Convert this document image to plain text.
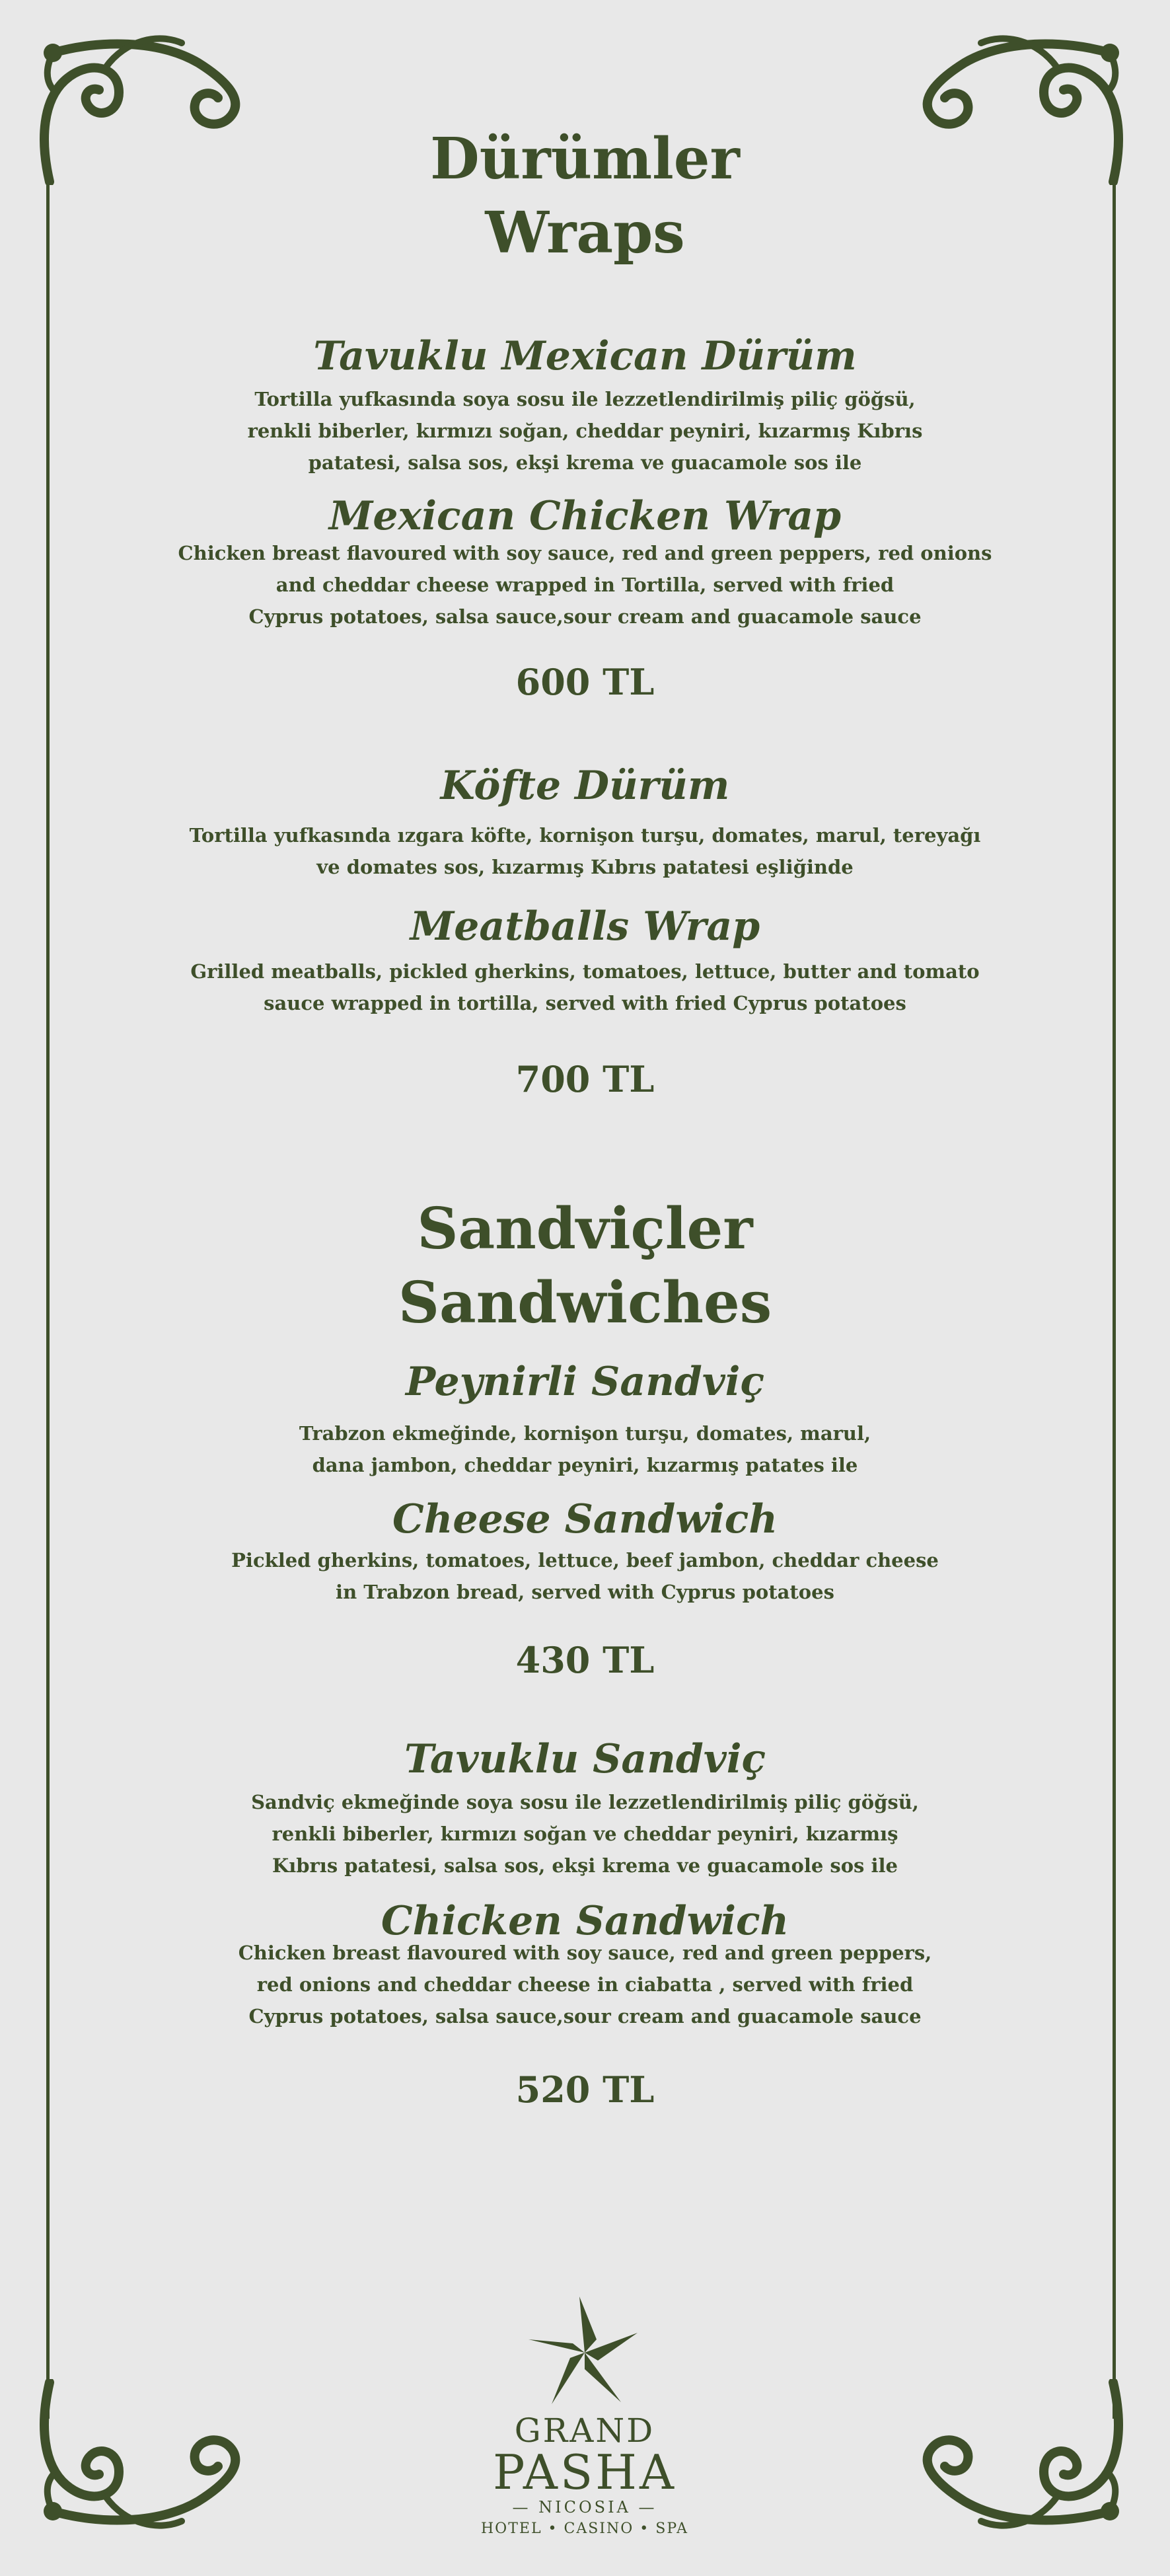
Dürümler
Wraps
Tavuklu Mexican Dürüm

Tortilla yufkasında soya sosu ile lezzetlendirilmiş piliç göğsü,
renkli biberler, kırmızı soğan, cheddar peyniri, kızarmış Kıbrıs
patatesi, salsa sos, ekşi krema ve guacamole sos ile

Mexican Chicken Wrap

Chicken breast flavoured with soy sauce, red and green peppers, red onions
and cheddar cheese wrapped in Tortilla, served with fried
Cyprus potatoes, salsa sauce,sour cream and guacamole sauce

600 TL

Köfte Dürüm

Tortilla yufkasında ızgara köfte, kornişon turşu, domates, marul, tereyağı
ve domates sos, kızarmış Kıbrıs patatesi eşliğinde

Meatballs Wrap

Grilled meatballs, pickled gherkins, tomatoes, lettuce, butter and tomato
sauce wrapped in tortilla, served with fried Cyprus potatoes

700 TL

Sandviçler
Sandwiches
Peynirli Sandviç

Trabzon ekmeğinde, kornişon turşu, domates, marul,
dana jambon, cheddar peyniri, kızarmış patates ile

Cheese Sandwich

Pickled gherkins, tomatoes, lettuce, beef jambon, cheddar cheese
in Trabzon bread, served with Cyprus potatoes

430 TL

Tavuklu Sandviç

Sandviç ekmeğinde soya sosu ile lezzetlendirilmiş piliç göğsü,
renkli biberler, kırmızı soğan ve cheddar peyniri, kızarmış
Kıbrıs patatesi, salsa sos, ekşi krema ve guacamole sos ile

Chicken Sandwich

Chicken breast flavoured with soy sauce, red and green peppers,
red onions and cheddar cheese in ciabatta , served with fried
Cyprus potatoes, salsa sauce,sour cream and guacamole sauce

520 TL

GRAND
PASHA
— NICOSIA —
HOTEL • CASINO • SPA
